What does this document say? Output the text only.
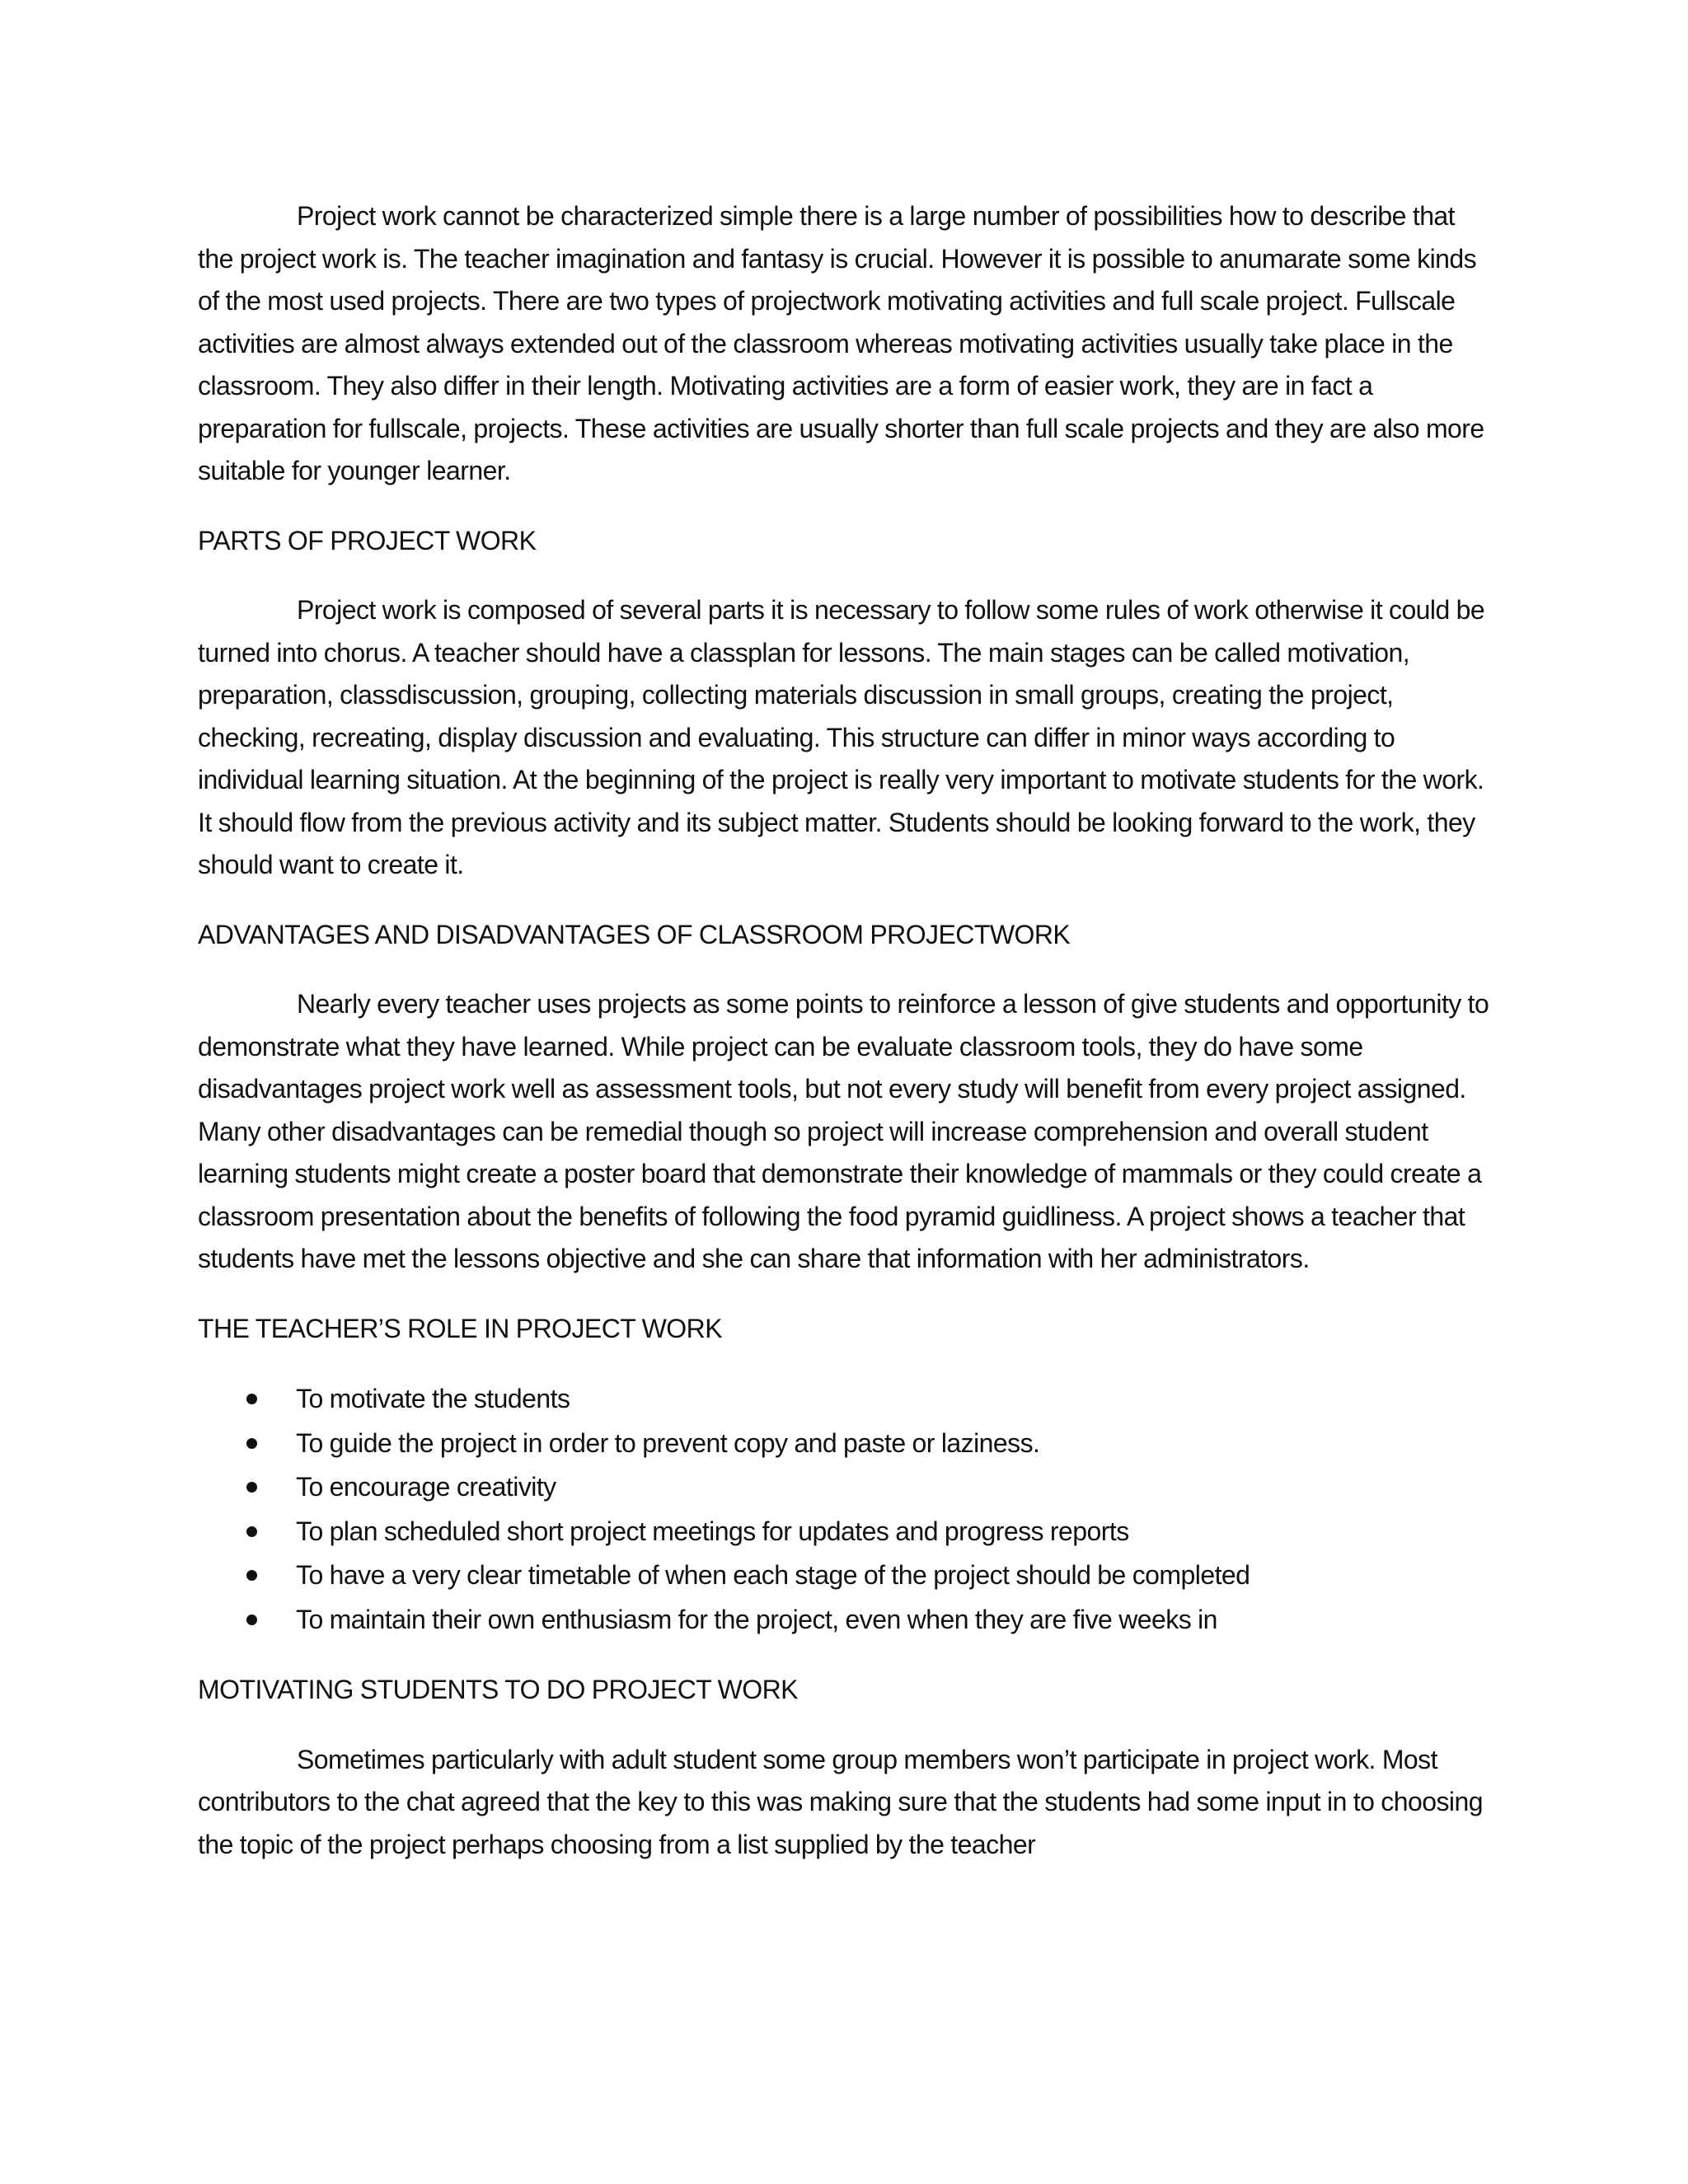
Project work cannot be characterized simple there is a large number of possibilities how to describe that the project work is. The teacher imagination and fantasy is crucial. However it is possible to anumarate some kinds of the most used projects. There are two types of projectwork motivating activities and full scale project. Fullscale activities are almost always extended out of the classroom whereas motivating activities usually take place in the classroom. They also differ in their length. Motivating activities are a form of easier work, they are in fact a preparation for fullscale, projects. These activities are usually shorter than full scale projects and they are also more suitable for younger learner.

PARTS OF PROJECT WORK

Project work is composed of several parts it is necessary to follow some rules of work otherwise it could be turned into chorus. A teacher should have a classplan for lessons. The main stages can be called motivation, preparation, classdiscussion, grouping, collecting materials discussion in small groups, creating the project, checking, recreating, display discussion and evaluating. This structure can differ in minor ways according to individual learning situation. At the beginning of the project is really very important to motivate students for the work. It should flow from the previous activity and its subject matter. Students should be looking forward to the work, they should want to create it.

ADVANTAGES AND DISADVANTAGES OF CLASSROOM PROJECTWORK

Nearly every teacher uses projects as some points to reinforce a lesson of give students and opportunity to demonstrate what they have learned. While project can be evaluate classroom tools, they do have some disadvantages project work well as assessment tools, but not every study will benefit from every project assigned. Many other disadvantages can be remedial though so project will increase comprehension and overall student learning students might create a poster board that demonstrate their knowledge of mammals or they could create a classroom presentation about the benefits of following the food pyramid guidliness. A project shows a teacher that students have met the lessons objective and she can share that information with her administrators.

THE TEACHER’S ROLE IN PROJECT WORK
To motivate the students
To guide the project in order to prevent copy and paste or laziness.
To encourage creativity
To plan scheduled short project meetings for updates and progress reports
To have a very clear timetable of when each stage of the project should be completed
To maintain their own enthusiasm for the project, even when they are five weeks in
MOTIVATING STUDENTS TO DO PROJECT WORK

Sometimes particularly with adult student some group members won’t participate in project work. Most contributors to the chat agreed that the key to this was making sure that the students had some input in to choosing the topic of the project perhaps choosing from a list supplied by the teacher
